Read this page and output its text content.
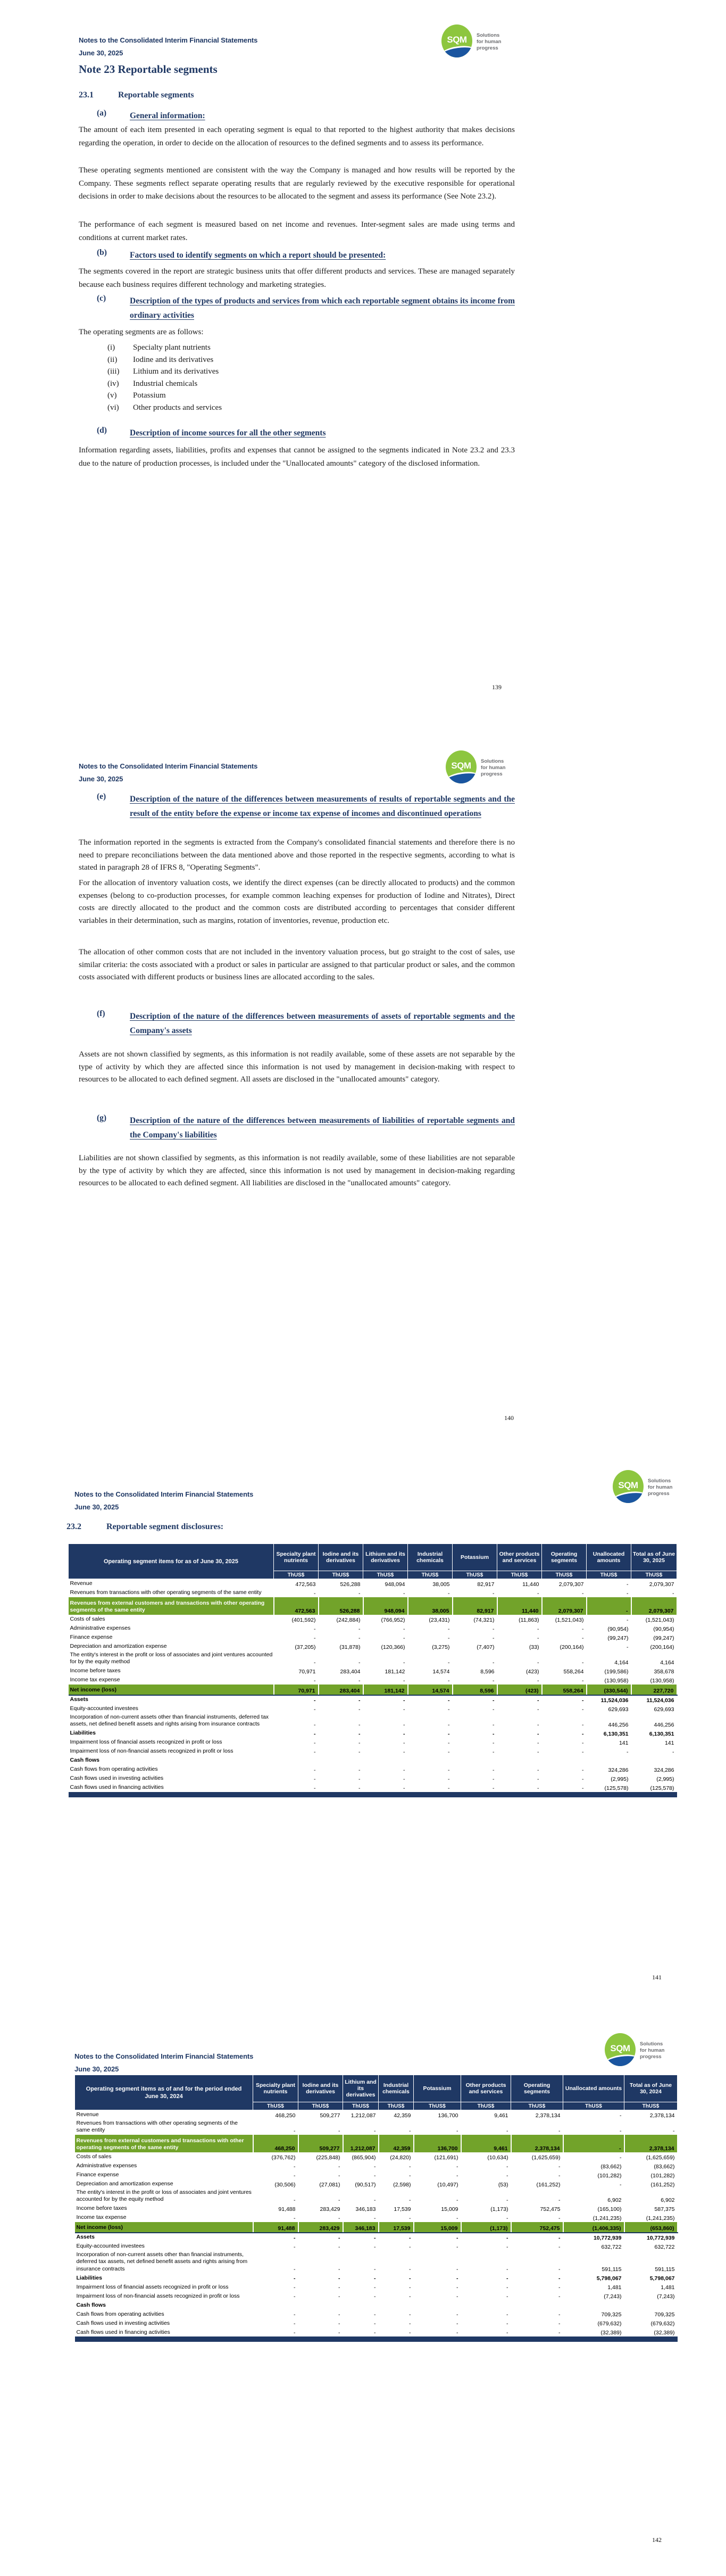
Notes to the Consolidated Interim Financial Statements
June 30, 2025
SQM	Solutions
for human
progress
Note 23 Reportable segments
23.1	Reportable segments
(a)	General information:
The amount of each item presented in each operating segment is equal to that reported to the highest authority that makes decisions regarding the operation, in order to decide on the allocation of resources to the defined segments and to assess its performance.
These operating segments mentioned are consistent with the way the Company is managed and how results will be reported by the Company. These segments reflect separate operating results that are regularly reviewed by the executive responsible for operational decisions in order to make decisions about the resources to be allocated to the segment and assess its performance (See Note 23.2).
The performance of each segment is measured based on net income and revenues. Inter-segment sales are made using terms and conditions at current market rates.
(b)	Factors used to identify segments on which a report should be presented:
The segments covered in the report are strategic business units that offer different products and services. These are managed separately because each business requires different technology and marketing strategies.
(c)	Description of the types of products and services from which each reportable segment obtains its income from ordinary activities
The operating segments are as follows:
(i) Specialty plant nutrients
(ii) Iodine and its derivatives
(iii) Lithium and its derivatives
(iv) Industrial chemicals
(v) Potassium
(vi) Other products and services
(d)	Description of income sources for all the other segments
Information regarding assets, liabilities, profits and expenses that cannot be assigned to the segments indicated in Note 23.2 and 23.3 due to the nature of production processes, is included under the "Unallocated amounts" category of the disclosed information.
139
Notes to the Consolidated Interim Financial Statements
June 30, 2025
SQM	Solutions
for human
progress
(e)	Description of the nature of the differences between measurements of results of reportable segments and the result of the entity before the expense or income tax expense of incomes and discontinued operations
The information reported in the segments is extracted from the Company's consolidated financial statements and therefore there is no need to prepare reconciliations between the data mentioned above and those reported in the respective segments, according to what is stated in paragraph 28 of IFRS 8, "Operating Segments".
For the allocation of inventory valuation costs, we identify the direct expenses (can be directly allocated to products) and the common expenses (belong to co-production processes, for example common leaching expenses for production of Iodine and Nitrates), Direct costs are directly allocated to the product and the common costs are distributed according to percentages that consider different variables in their determination, such as margins, rotation of inventories, revenue, production etc.
The allocation of other common costs that are not included in the inventory valuation process, but go straight to the cost of sales, use similar criteria: the costs associated with a product or sales in particular are assigned to that particular product or sales, and the common costs associated with different products or business lines are allocated according to the sales.
(f)	Description of the nature of the differences between measurements of assets of reportable segments and the Company's assets
Assets are not shown classified by segments, as this information is not readily available, some of these assets are not separable by the type of activity by which they are affected since this information is not used by management in decision-making with respect to resources to be allocated to each defined segment. All assets are disclosed in the "unallocated amounts" category.
(g)	Description of the nature of the differences between measurements of liabilities of reportable segments and the Company's liabilities
Liabilities are not shown classified by segments, as this information is not readily available, some of these liabilities are not separable by the type of activity by which they are affected, since this information is not used by management in decision-making regarding resources to be allocated to each defined segment. All liabilities are disclosed in the "unallocated amounts" category.
140
Notes to the Consolidated Interim Financial Statements
June 30, 2025
SQM	Solutions
for human
progress
23.2	Reportable segment disclosures:
Operating segment items for as of June 30, 2025	Specialty plant nutrients	Iodine and its derivatives	Lithium and its derivatives	Industrial chemicals	Potassium	Other products and services	Operating segments	Unallocated amounts	Total as of June 30, 2025
	ThUS$	ThUS$	ThUS$	ThUS$	ThUS$	ThUS$	ThUS$	ThUS$	ThUS$
Revenue	472,563	526,288	948,094	38,005	82,917	11,440	2,079,307	-	2,079,307
Revenues from transactions with other operating segments of the same entity	-	-	-	-	-	-	-	-	-
Revenues from external customers and transactions with other operating segments of the same entity	472,563	526,288	948,094	38,005	82,917	11,440	2,079,307	-	2,079,307
Costs of sales	(401,592)	(242,884)	(766,952)	(23,431)	(74,321)	(11,863)	(1,521,043)	-	(1,521,043)
Administrative expenses	-	-	-	-	-	-	-	(90,954)	(90,954)
Finance expense	-	-	-	-	-	-	-	(99,247)	(99,247)
Depreciation and amortization expense	(37,205)	(31,878)	(120,366)	(3,275)	(7,407)	(33)	(200,164)	-	(200,164)
The entity's interest in the profit or loss of associates and joint ventures accounted for by the equity method	-	-	-	-	-	-	-	4,164	4,164
Income before taxes	70,971	283,404	181,142	14,574	8,596	(423)	558,264	(199,586)	358,678
Income tax expense	-	-	-	-	-	-	-	(130,958)	(130,958)
Net income (loss)	70,971	283,404	181,142	14,574	8,596	(423)	558,264	(330,544)	227,720
Assets	-	-	-	-	-	-	-	11,524,036	11,524,036
Equity-accounted investees	-	-	-	-	-	-	-	629,693	629,693
Incorporation of non-current assets other than financial instruments, deferred tax assets, net defined benefit assets and rights arising from insurance contracts	-	-	-	-	-	-	-	446,256	446,256
Liabilities	-	-	-	-	-	-	-	6,130,351	6,130,351
Impairment loss of financial assets recognized in profit or loss	-	-	-	-	-	-	-	141	141
Impairment loss of non-financial assets recognized in profit or loss	-	-	-	-	-	-	-	-	-
Cash flows									
Cash flows from operating activities	-	-	-	-	-	-	-	324,286	324,286
Cash flows used in investing activities	-	-	-	-	-	-	-	(2,995)	(2,995)
Cash flows used in financing activities	-	-	-	-	-	-	-	(125,578)	(125,578)

141
Notes to the Consolidated Interim Financial Statements
June 30, 2025
SQM	Solutions
for human
progress
Operating segment items as of and for the period ended June 30, 2024	Specialty plant nutrients	Iodine and its derivatives	Lithium and its derivatives	Industrial chemicals	Potassium	Other products and services	Operating segments	Unallocated amounts	Total as of June 30, 2024
	ThUS$	ThUS$	ThUS$	ThUS$	ThUS$	ThUS$	ThUS$	ThUS$	ThUS$
Revenue	468,250	509,277	1,212,087	42,359	136,700	9,461	2,378,134	-	2,378,134
Revenues from transactions with other operating segments of the same entity	-	-	-	-	-	-	-	-	-
Revenues from external customers and transactions with other operating segments of the same entity	468,250	509,277	1,212,087	42,359	136,700	9,461	2,378,134	-	2,378,134
Costs of sales	(376,762)	(225,848)	(865,904)	(24,820)	(121,691)	(10,634)	(1,625,659)	-	(1,625,659)
Administrative expenses	-	-	-	-	-	-	-	(83,662)	(83,662)
Finance expense	-	-	-	-	-	-	-	(101,282)	(101,282)
Depreciation and amortization expense	(30,506)	(27,081)	(90,517)	(2,598)	(10,497)	(53)	(161,252)	-	(161,252)
The entity's interest in the profit or loss of associates and joint ventures accounted for by the equity method	-	-	-	-	-	-	-	6,902	6,902
Income before taxes	91,488	283,429	346,183	17,539	15,009	(1,173)	752,475	(165,100)	587,375
Income tax expense	-	-	-	-	-	-	-	(1,241,235)	(1,241,235)
Net income (loss)	91,488	283,429	346,183	17,539	15,009	(1,173)	752,475	(1,406,335)	(653,860)
Assets	-	-	-	-	-	-	-	10,772,939	10,772,939
Equity-accounted investees	-	-	-	-	-	-	-	632,722	632,722
Incorporation of non-current assets other than financial instruments, deferred tax assets, net defined benefit assets and rights arising from insurance contracts	-	-	-	-	-	-	-	591,115	591,115
Liabilities	-	-	-	-	-	-	-	5,798,067	5,798,067
Impairment loss of financial assets recognized in profit or loss	-	-	-	-	-	-	-	1,481	1,481
Impairment loss of non-financial assets recognized in profit or loss	-	-	-	-	-	-	-	(7,243)	(7,243)
Cash flows									
Cash flows from operating activities	-	-	-	-	-	-	-	709,325	709,325
Cash flows used in investing activities	-	-	-	-	-	-	-	(679,632)	(679,632)
Cash flows used in financing activities	-	-	-	-	-	-	-	(32,389)	(32,389)

142
